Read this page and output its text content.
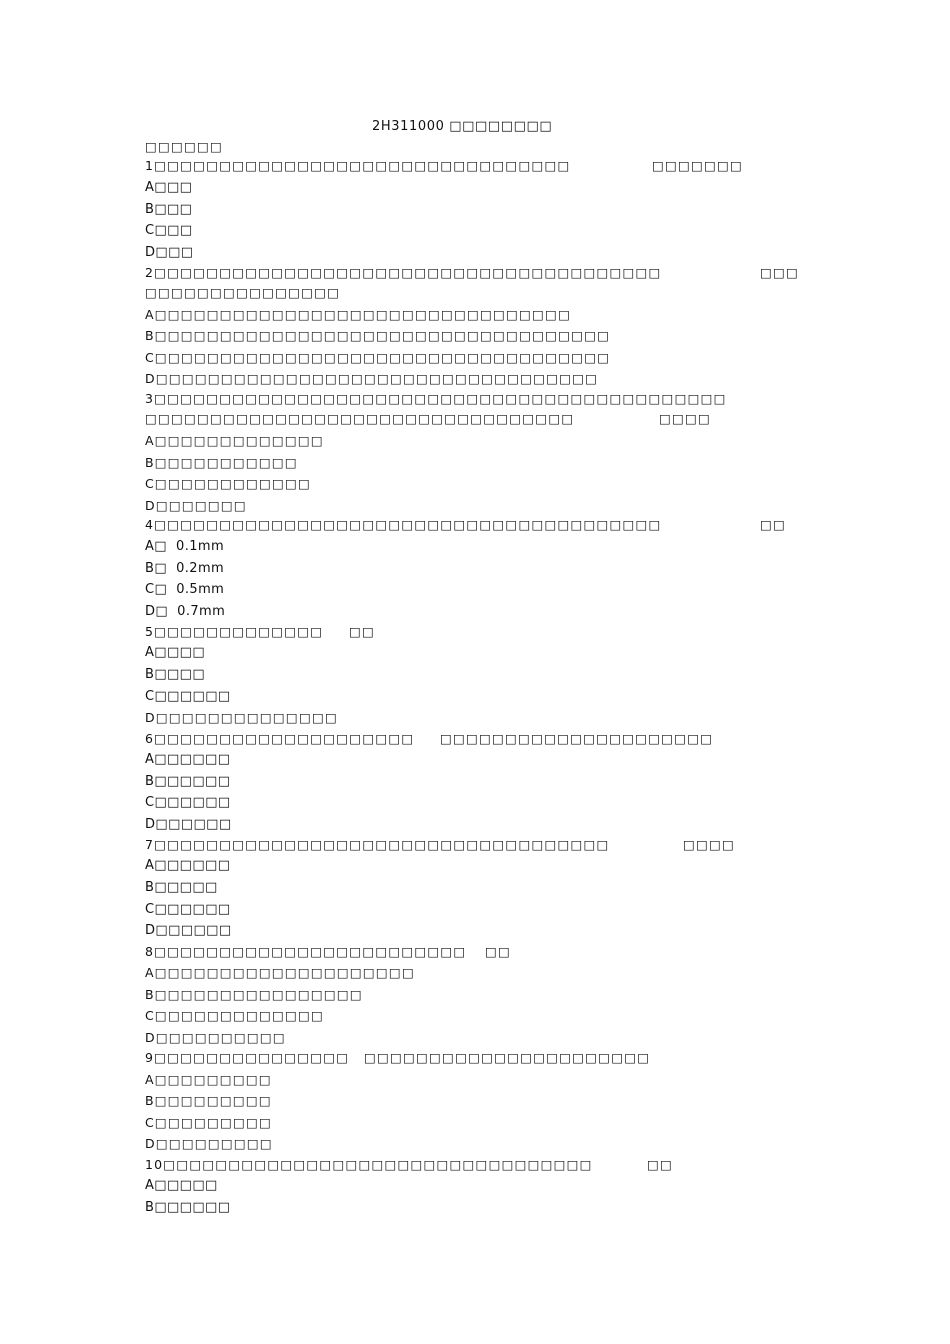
2H311000 □□□□□□□□
□□□□□□
1□□□□□□□□□□□□□□□□□□□□□□□□□□□□□□□□	□□□□□□□
A□□□
B□□□
C□□□
D□□□
2□□□□□□□□□□□□□□□□□□□□□□□□□□□□□□□□□□□□□□□	□□□
□□□□□□□□□□□□□□□
A□□□□□□□□□□□□□□□□□□□□□□□□□□□□□□□□
B□□□□□□□□□□□□□□□□□□□□□□□□□□□□□□□□□□□
C□□□□□□□□□□□□□□□□□□□□□□□□□□□□□□□□□□□
D□□□□□□□□□□□□□□□□□□□□□□□□□□□□□□□□□□
3□□□□□□□□□□□□□□□□□□□□□□□□□□□□□□□□□□□□□□□□□□□□
□□□□□□□□□□□□□□□□□□□□□□□□□□□□□□□□□	□□□□
A□□□□□□□□□□□□□
B□□□□□□□□□□□
C□□□□□□□□□□□□
D□□□□□□□
4□□□□□□□□□□□□□□□□□□□□□□□□□□□□□□□□□□□□□□□	□□
A□  0.1mm
B□  0.2mm
C□  0.5mm
D□  0.7mm
5□□□□□□□□□□□□□ □□
A□□□□
B□□□□
C□□□□□□
D□□□□□□□□□□□□□□
6□□□□□□□□□□□□□□□□□□□□ □□□□□□□□□□□□□□□□□□□□□
A□□□□□□
B□□□□□□
C□□□□□□
D□□□□□□
7□□□□□□□□□□□□□□□□□□□□□□□□□□□□□□□□□□□	□□□□
A□□□□□□
B□□□□□
C□□□□□□
D□□□□□□
8□□□□□□□□□□□□□□□□□□□□□□□□ □□
A□□□□□□□□□□□□□□□□□□□□
B□□□□□□□□□□□□□□□□
C□□□□□□□□□□□□□
D□□□□□□□□□□
9□□□□□□□□□□□□□□□ □□□□□□□□□□□□□□□□□□□□□□
A□□□□□□□□□
B□□□□□□□□□
C□□□□□□□□□
D□□□□□□□□□
10□□□□□□□□□□□□□□□□□□□□□□□□□□□□□□□□□	□□
A□□□□□
B□□□□□□
